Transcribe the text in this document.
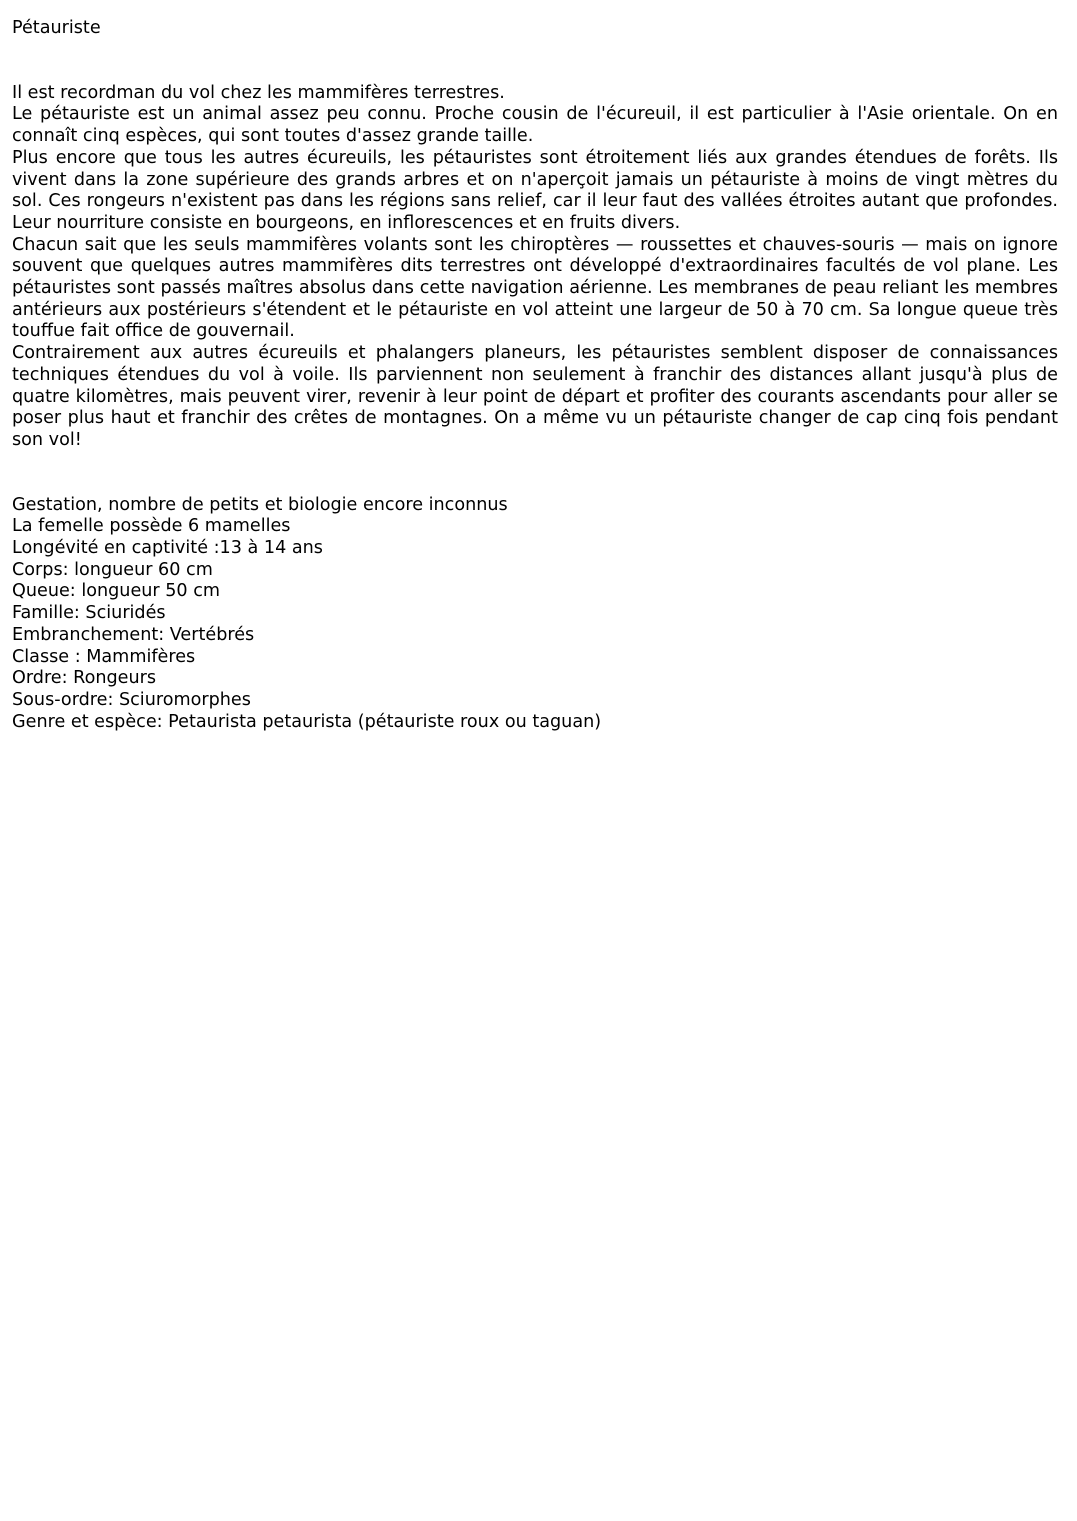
Pétauriste

Il est recordman du vol chez les mammifères terrestres.

Le pétauriste est un animal assez peu connu. Proche cousin de l'écureuil, il est particulier à l'Asie orientale. On en connaît cinq espèces, qui sont toutes d'assez grande taille.

Plus encore que tous les autres écureuils, les pétauristes sont étroitement liés aux grandes étendues de forêts. Ils vivent dans la zone supérieure des grands arbres et on n'aperçoit jamais un pétauriste à moins de vingt mètres du sol. Ces rongeurs n'existent pas dans les régions sans relief, car il leur faut des vallées étroites autant que profondes. Leur nourriture consiste en bourgeons, en inflorescences et en fruits divers.

Chacun sait que les seuls mammifères volants sont les chiroptères — roussettes et chauves-souris — mais on ignore souvent que quelques autres mammifères dits terrestres ont développé d'extraordinaires facultés de vol plane. Les pétauristes sont passés maîtres absolus dans cette navigation aérienne. Les membranes de peau reliant les membres antérieurs aux postérieurs s'étendent et le pétauriste en vol atteint une largeur de 50 à 70 cm. Sa longue queue très touffue fait office de gouvernail.

Contrairement aux autres écureuils et phalangers planeurs, les pétauristes semblent disposer de connaissances techniques étendues du vol à voile. Ils parviennent non seulement à franchir des distances allant jusqu'à plus de quatre kilomètres, mais peuvent virer, revenir à leur point de départ et profiter des courants ascendants pour aller se poser plus haut et franchir des crêtes de montagnes. On a même vu un pétauriste changer de cap cinq fois pendant son vol!

Gestation, nombre de petits et biologie encore inconnus

La femelle possède 6 mamelles

Longévité en captivité :13 à 14 ans

Corps: longueur 60 cm

Queue: longueur 50 cm

Famille: Sciuridés

Embranchement: Vertébrés

Classe : Mammifères

Ordre: Rongeurs

Sous-ordre: Sciuromorphes

Genre et espèce: Petaurista petaurista (pétauriste roux ou taguan)
